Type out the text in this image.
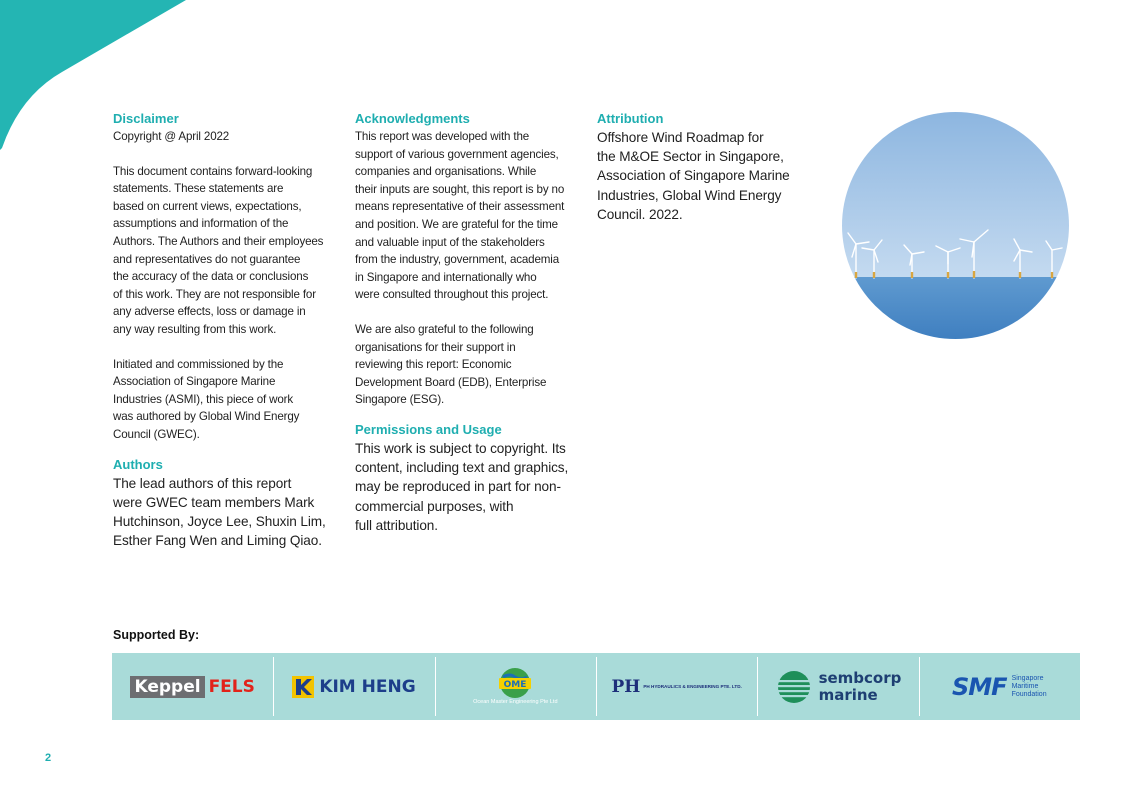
Disclaimer

Copyright @ April 2022

This document contains forward-looking

statements. These statements are

based on current views, expectations,

assumptions and information of the

Authors. The Authors and their employees

and representatives do not guarantee

the accuracy of the data or conclusions

of this work. They are not responsible for

any adverse effects, loss or damage in

any way resulting from this work.

Initiated and commissioned by the

Association of Singapore Marine

Industries (ASMI), this piece of work

was authored by Global Wind Energy

Council (GWEC).

Authors

The lead authors of this report

were GWEC team members Mark

Hutchinson, Joyce Lee, Shuxin Lim,

Esther Fang Wen and Liming Qiao.

Acknowledgments

This report was developed with the

support of various government agencies,

companies and organisations. While

their inputs are sought, this report is by no

means representative of their assessment

and position. We are grateful for the time

and valuable input of the stakeholders

from the industry, government, academia

in Singapore and internationally who

were consulted throughout this project.

We are also grateful to the following

organisations for their support in

reviewing this report: Economic

Development Board (EDB), Enterprise

Singapore (ESG).

Permissions and Usage

This work is subject to copyright. Its

content, including text and graphics,

may be reproduced in part for non-

commercial purposes, with

full attribution.

Attribution

Offshore Wind Roadmap for

the M&OE Sector in Singapore,

Association of Singapore Marine

Industries, Global Wind Energy

Council. 2022.

Supported By:

Keppel FELS	KIM HENG	OME
Ocean Master Engineering Pte Ltd
PH PH HYDRAULICS & ENGINEERING PTE. LTD.	sembcorp
marine	SMF Singapore
Maritime
Foundation

2
